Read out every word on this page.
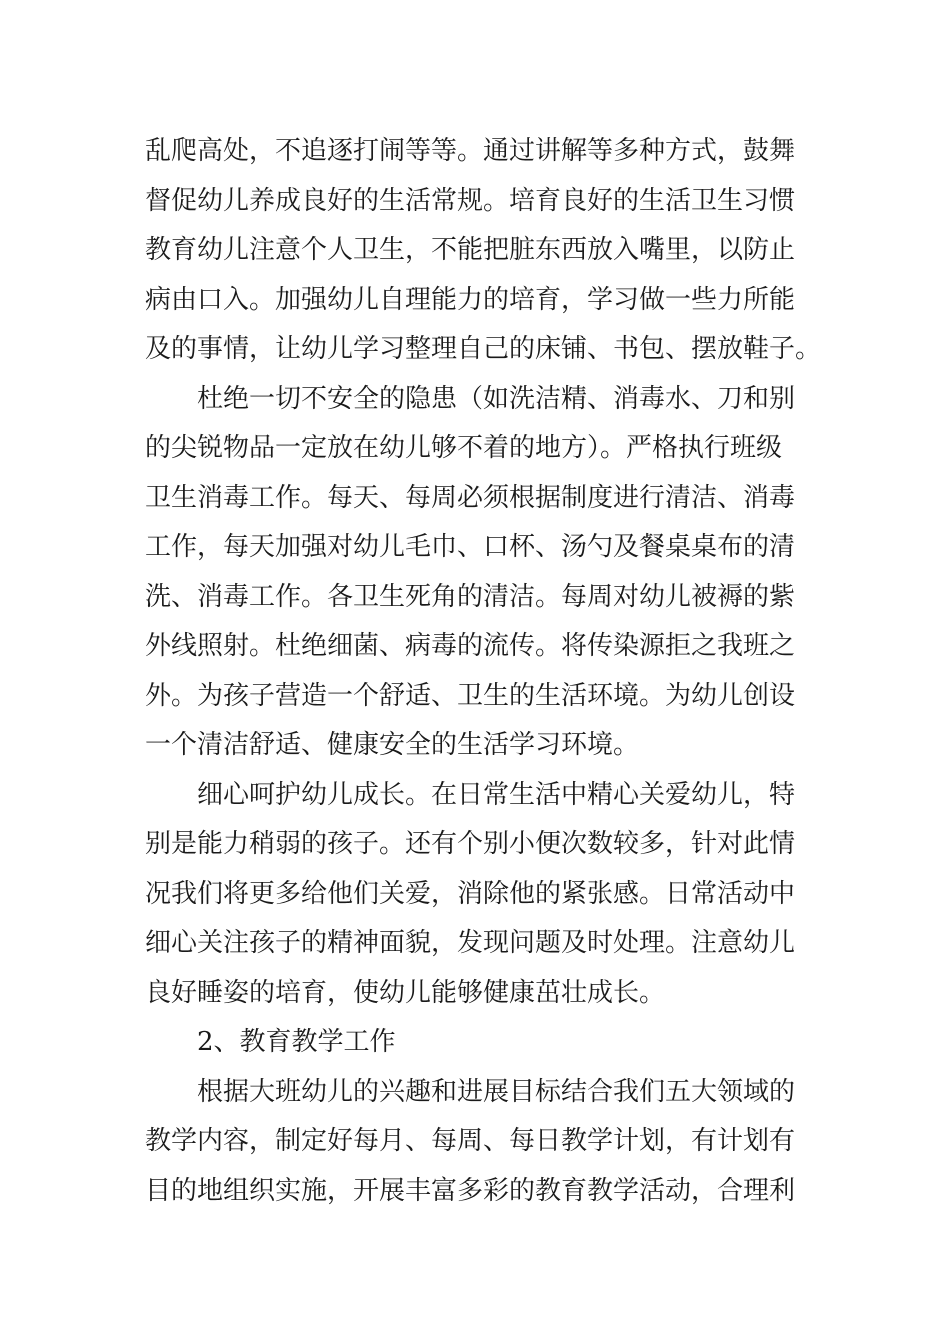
乱爬高处，不追逐打闹等等。通过讲解等多种方式，鼓舞

督促幼儿养成良好的生活常规。培育良好的生活卫生习惯

教育幼儿注意个人卫生，不能把脏东西放入嘴里，以防止

病由口入。加强幼儿自理能力的培育，学习做一些力所能

及的事情，让幼儿学习整理自己的床铺、书包、摆放鞋子。

杜绝一切不安全的隐患（如洗洁精、消毒水、刀和别

的尖锐物品一定放在幼儿够不着的地方）。严格执行班级

卫生消毒工作。每天、每周必须根据制度进行清洁、消毒

工作，每天加强对幼儿毛巾、口杯、汤勺及餐桌桌布的清

洗、消毒工作。各卫生死角的清洁。每周对幼儿被褥的紫

外线照射。杜绝细菌、病毒的流传。将传染源拒之我班之

外。为孩子营造一个舒适、卫生的生活环境。为幼儿创设

一个清洁舒适、健康安全的生活学习环境。

细心呵护幼儿成长。在日常生活中精心关爱幼儿，特

别是能力稍弱的孩子。还有个别小便次数较多，针对此情

况我们将更多给他们关爱，消除他的紧张感。日常活动中

细心关注孩子的精神面貌，发现问题及时处理。注意幼儿

良好睡姿的培育，使幼儿能够健康茁壮成长。

2、教育教学工作

根据大班幼儿的兴趣和进展目标结合我们五大领域的

教学内容，制定好每月、每周、每日教学计划，有计划有

目的地组织实施，开展丰富多彩的教育教学活动，合理利
